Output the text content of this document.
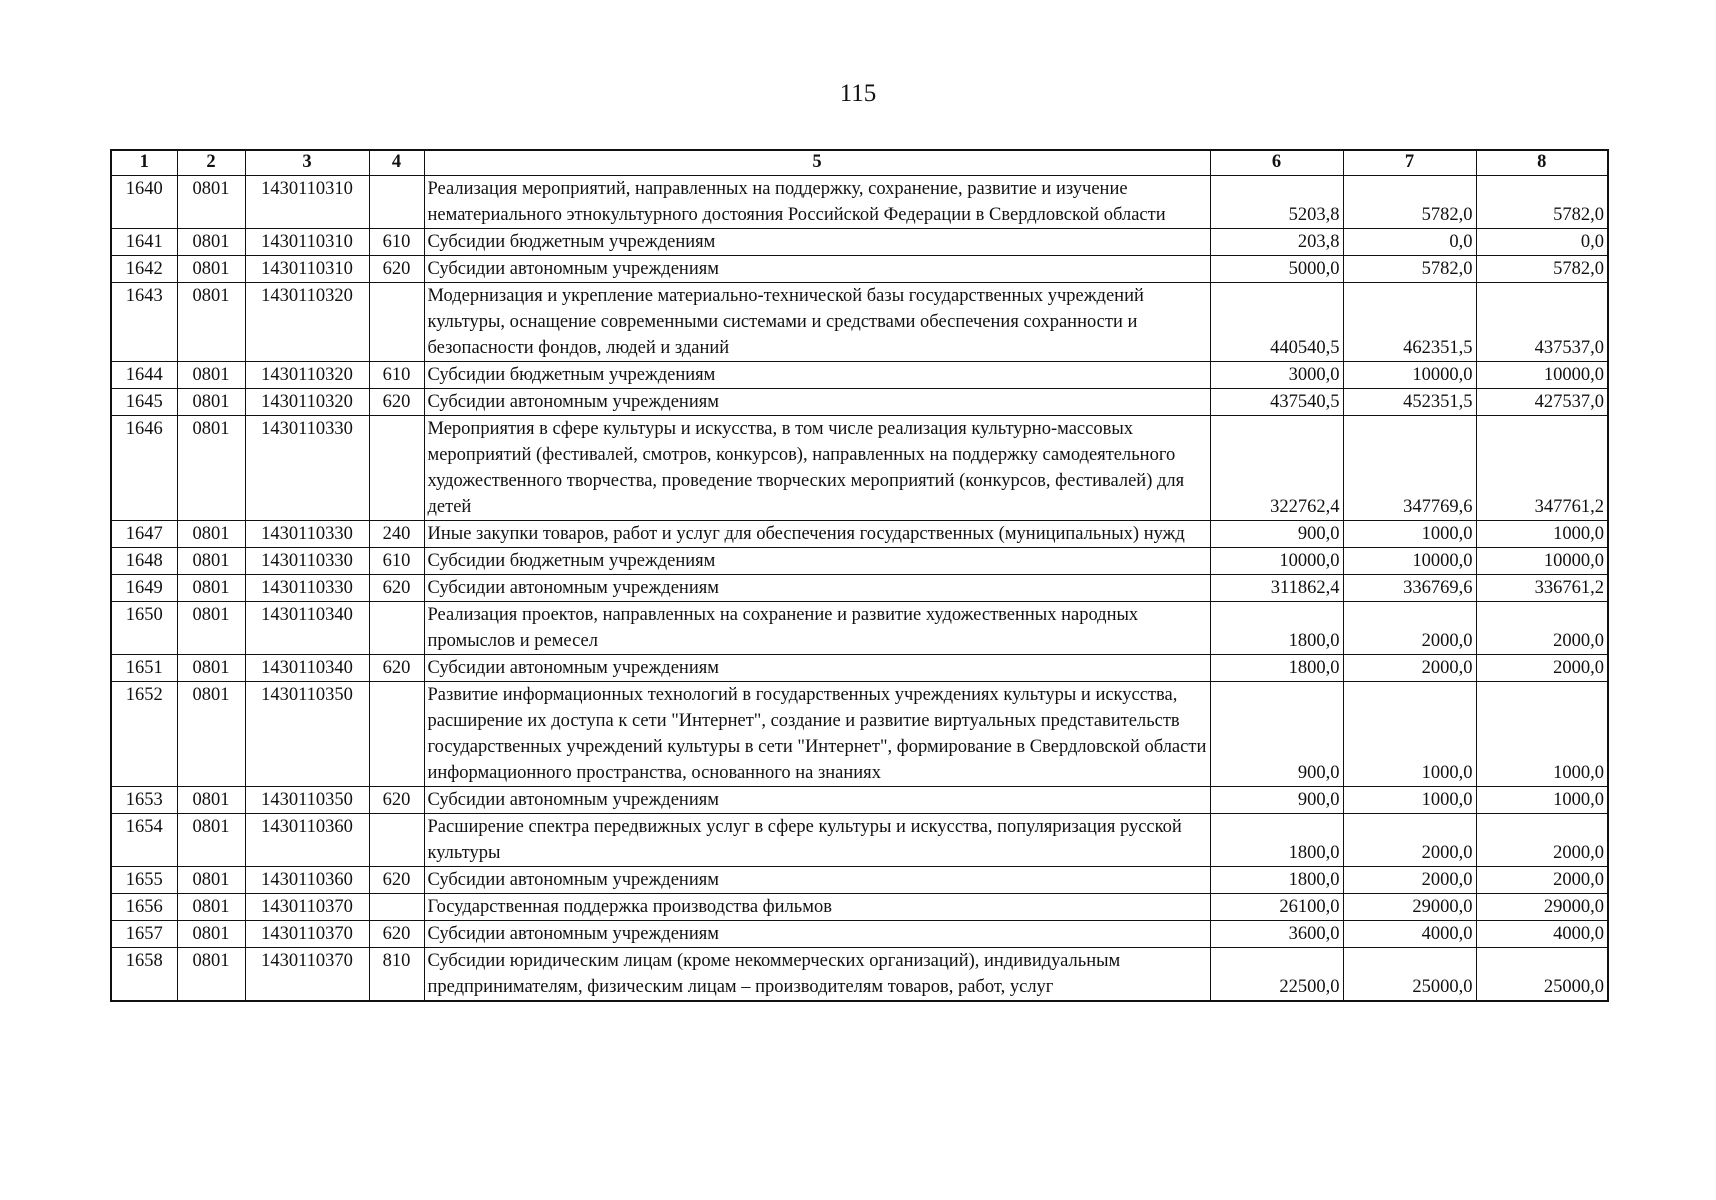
115
1	2	3	4	5	6	7	8
1640	0801	1430110310		Реализация мероприятий, направленных на поддержку, сохранение, развитие и изучение нематериального этнокультурного достояния Российской Федерации в Свердловской области	5203,8	5782,0	5782,0
1641	0801	1430110310	610	Субсидии бюджетным учреждениям	203,8	0,0	0,0
1642	0801	1430110310	620	Субсидии автономным учреждениям	5000,0	5782,0	5782,0
1643	0801	1430110320		Модернизация и укрепление материально-технической базы государственных учреждений культуры, оснащение современными системами и средствами обеспечения сохранности и безопасности фондов, людей и зданий	440540,5	462351,5	437537,0
1644	0801	1430110320	610	Субсидии бюджетным учреждениям	3000,0	10000,0	10000,0
1645	0801	1430110320	620	Субсидии автономным учреждениям	437540,5	452351,5	427537,0
1646	0801	1430110330		Мероприятия в сфере культуры и искусства, в том числе реализация культурно-массовых мероприятий (фестивалей, смотров, конкурсов), направленных на поддержку самодеятельного художественного творчества, проведение творческих мероприятий (конкурсов, фестивалей) для детей	322762,4	347769,6	347761,2
1647	0801	1430110330	240	Иные закупки товаров, работ и услуг для обеспечения государственных (муниципальных) нужд	900,0	1000,0	1000,0
1648	0801	1430110330	610	Субсидии бюджетным учреждениям	10000,0	10000,0	10000,0
1649	0801	1430110330	620	Субсидии автономным учреждениям	311862,4	336769,6	336761,2
1650	0801	1430110340		Реализация проектов, направленных на сохранение и развитие художественных народных промыслов и ремесел	1800,0	2000,0	2000,0
1651	0801	1430110340	620	Субсидии автономным учреждениям	1800,0	2000,0	2000,0
1652	0801	1430110350		Развитие информационных технологий в государственных учреждениях культуры и искусства, расширение их доступа к сети "Интернет", создание и развитие виртуальных представительств государственных учреждений культуры в сети "Интернет", формирование в Свердловской области информационного пространства, основанного на знаниях	900,0	1000,0	1000,0
1653	0801	1430110350	620	Субсидии автономным учреждениям	900,0	1000,0	1000,0
1654	0801	1430110360		Расширение спектра передвижных услуг в сфере культуры и искусства, популяризация русской культуры	1800,0	2000,0	2000,0
1655	0801	1430110360	620	Субсидии автономным учреждениям	1800,0	2000,0	2000,0
1656	0801	1430110370		Государственная поддержка производства фильмов	26100,0	29000,0	29000,0
1657	0801	1430110370	620	Субсидии автономным учреждениям	3600,0	4000,0	4000,0
1658	0801	1430110370	810	Субсидии юридическим лицам (кроме некоммерческих организаций), индивидуальным предпринимателям, физическим лицам – производителям товаров, работ, услуг	22500,0	25000,0	25000,0
